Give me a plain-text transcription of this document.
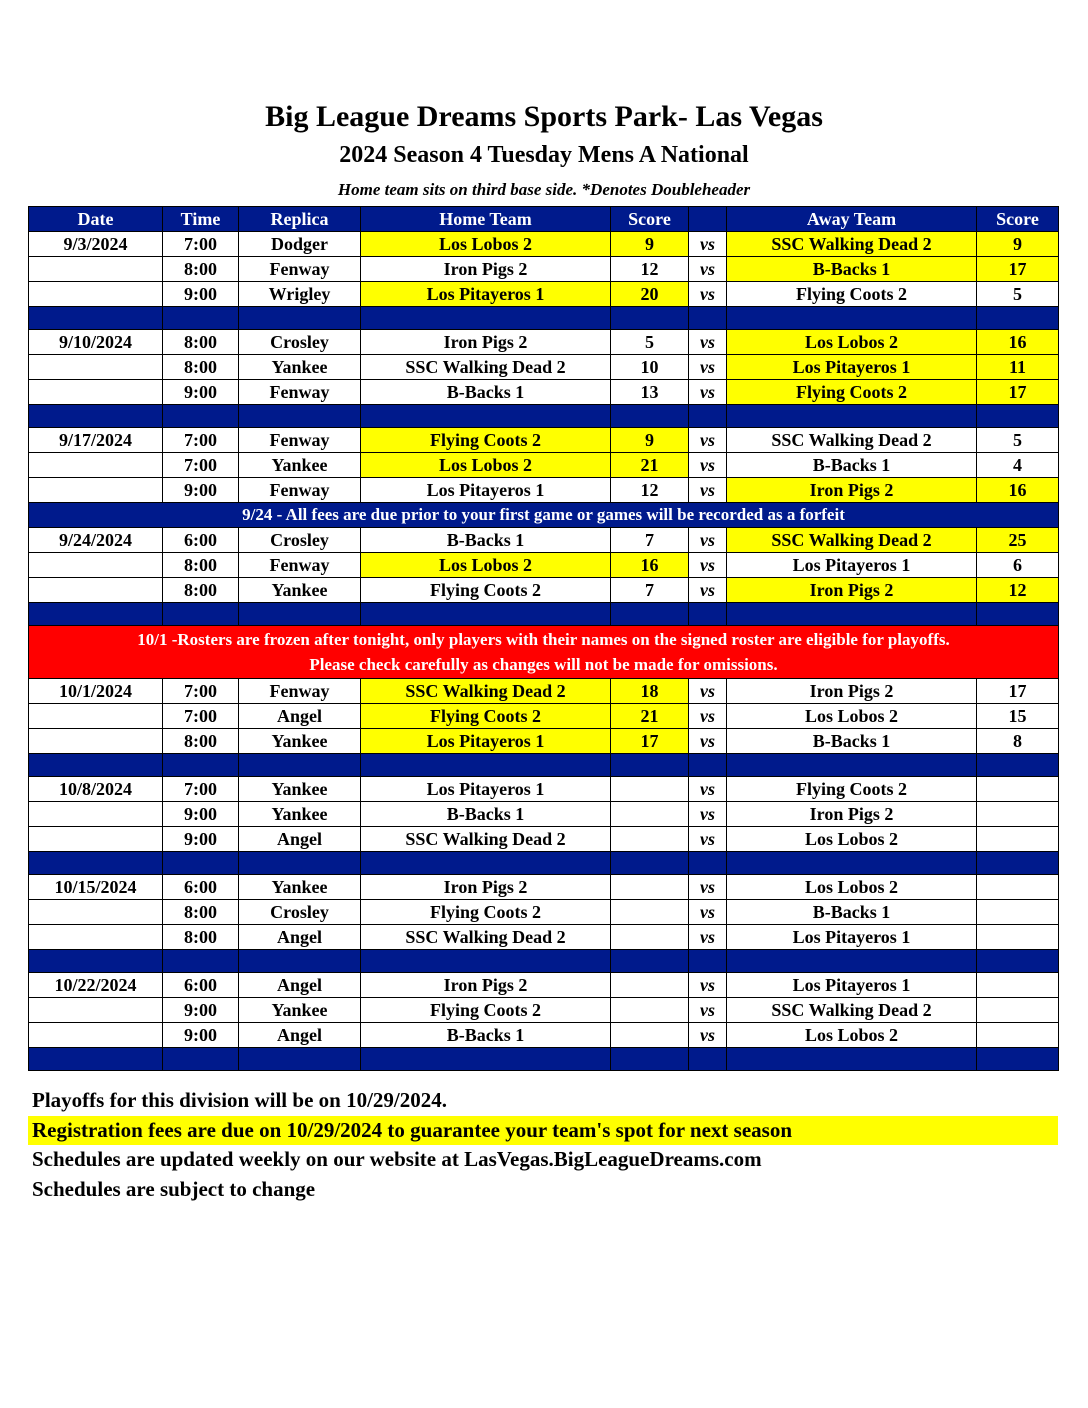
Big League Dreams Sports Park- Las Vegas
2024 Season 4 Tuesday Mens A National
Home team sits on third base side. *Denotes Doubleheader
Date	Time	Replica	Home Team	Score		Away Team	Score
9/3/2024	7:00	Dodger	Los Lobos 2	9	vs	SSC Walking Dead 2	9
	8:00	Fenway	Iron Pigs 2	12	vs	B-Backs 1	17
	9:00	Wrigley	Los Pitayeros 1	20	vs	Flying Coots 2	5

9/10/2024	8:00	Crosley	Iron Pigs 2	5	vs	Los Lobos 2	16
	8:00	Yankee	SSC Walking Dead 2	10	vs	Los Pitayeros 1	11
	9:00	Fenway	B-Backs 1	13	vs	Flying Coots 2	17

9/17/2024	7:00	Fenway	Flying Coots 2	9	vs	SSC Walking Dead 2	5
	7:00	Yankee	Los Lobos 2	21	vs	B-Backs 1	4
	9:00	Fenway	Los Pitayeros 1	12	vs	Iron Pigs 2	16
9/24 - All fees are due prior to your first game or games will be recorded as a forfeit							
9/24/2024	6:00	Crosley	B-Backs 1	7	vs	SSC Walking Dead 2	25
	8:00	Fenway	Los Lobos 2	16	vs	Los Pitayeros 1	6
	8:00	Yankee	Flying Coots 2	7	vs	Iron Pigs 2	12

10/1 -Rosters are frozen after tonight, only players with their names on the signed roster are eligible for playoffs.
Please check carefully as changes will not be made for omissions.							

10/1/2024	7:00	Fenway	SSC Walking Dead 2	18	vs	Iron Pigs 2	17
	7:00	Angel	Flying Coots 2	21	vs	Los Lobos 2	15
	8:00	Yankee	Los Pitayeros 1	17	vs	B-Backs 1	8

10/8/2024	7:00	Yankee	Los Pitayeros 1		vs	Flying Coots 2	
	9:00	Yankee	B-Backs 1		vs	Iron Pigs 2	
	9:00	Angel	SSC Walking Dead 2		vs	Los Lobos 2	

10/15/2024	6:00	Yankee	Iron Pigs 2		vs	Los Lobos 2	
	8:00	Crosley	Flying Coots 2		vs	B-Backs 1	
	8:00	Angel	SSC Walking Dead 2		vs	Los Pitayeros 1	

10/22/2024	6:00	Angel	Iron Pigs 2		vs	Los Pitayeros 1	
	9:00	Yankee	Flying Coots 2		vs	SSC Walking Dead 2	
	9:00	Angel	B-Backs 1		vs	Los Lobos 2	

Playoffs for this division will be on 10/29/2024.
Registration fees are due on 10/29/2024 to guarantee your team's spot for next season
Schedules are updated weekly on our website at LasVegas.BigLeagueDreams.com
Schedules are subject to change
